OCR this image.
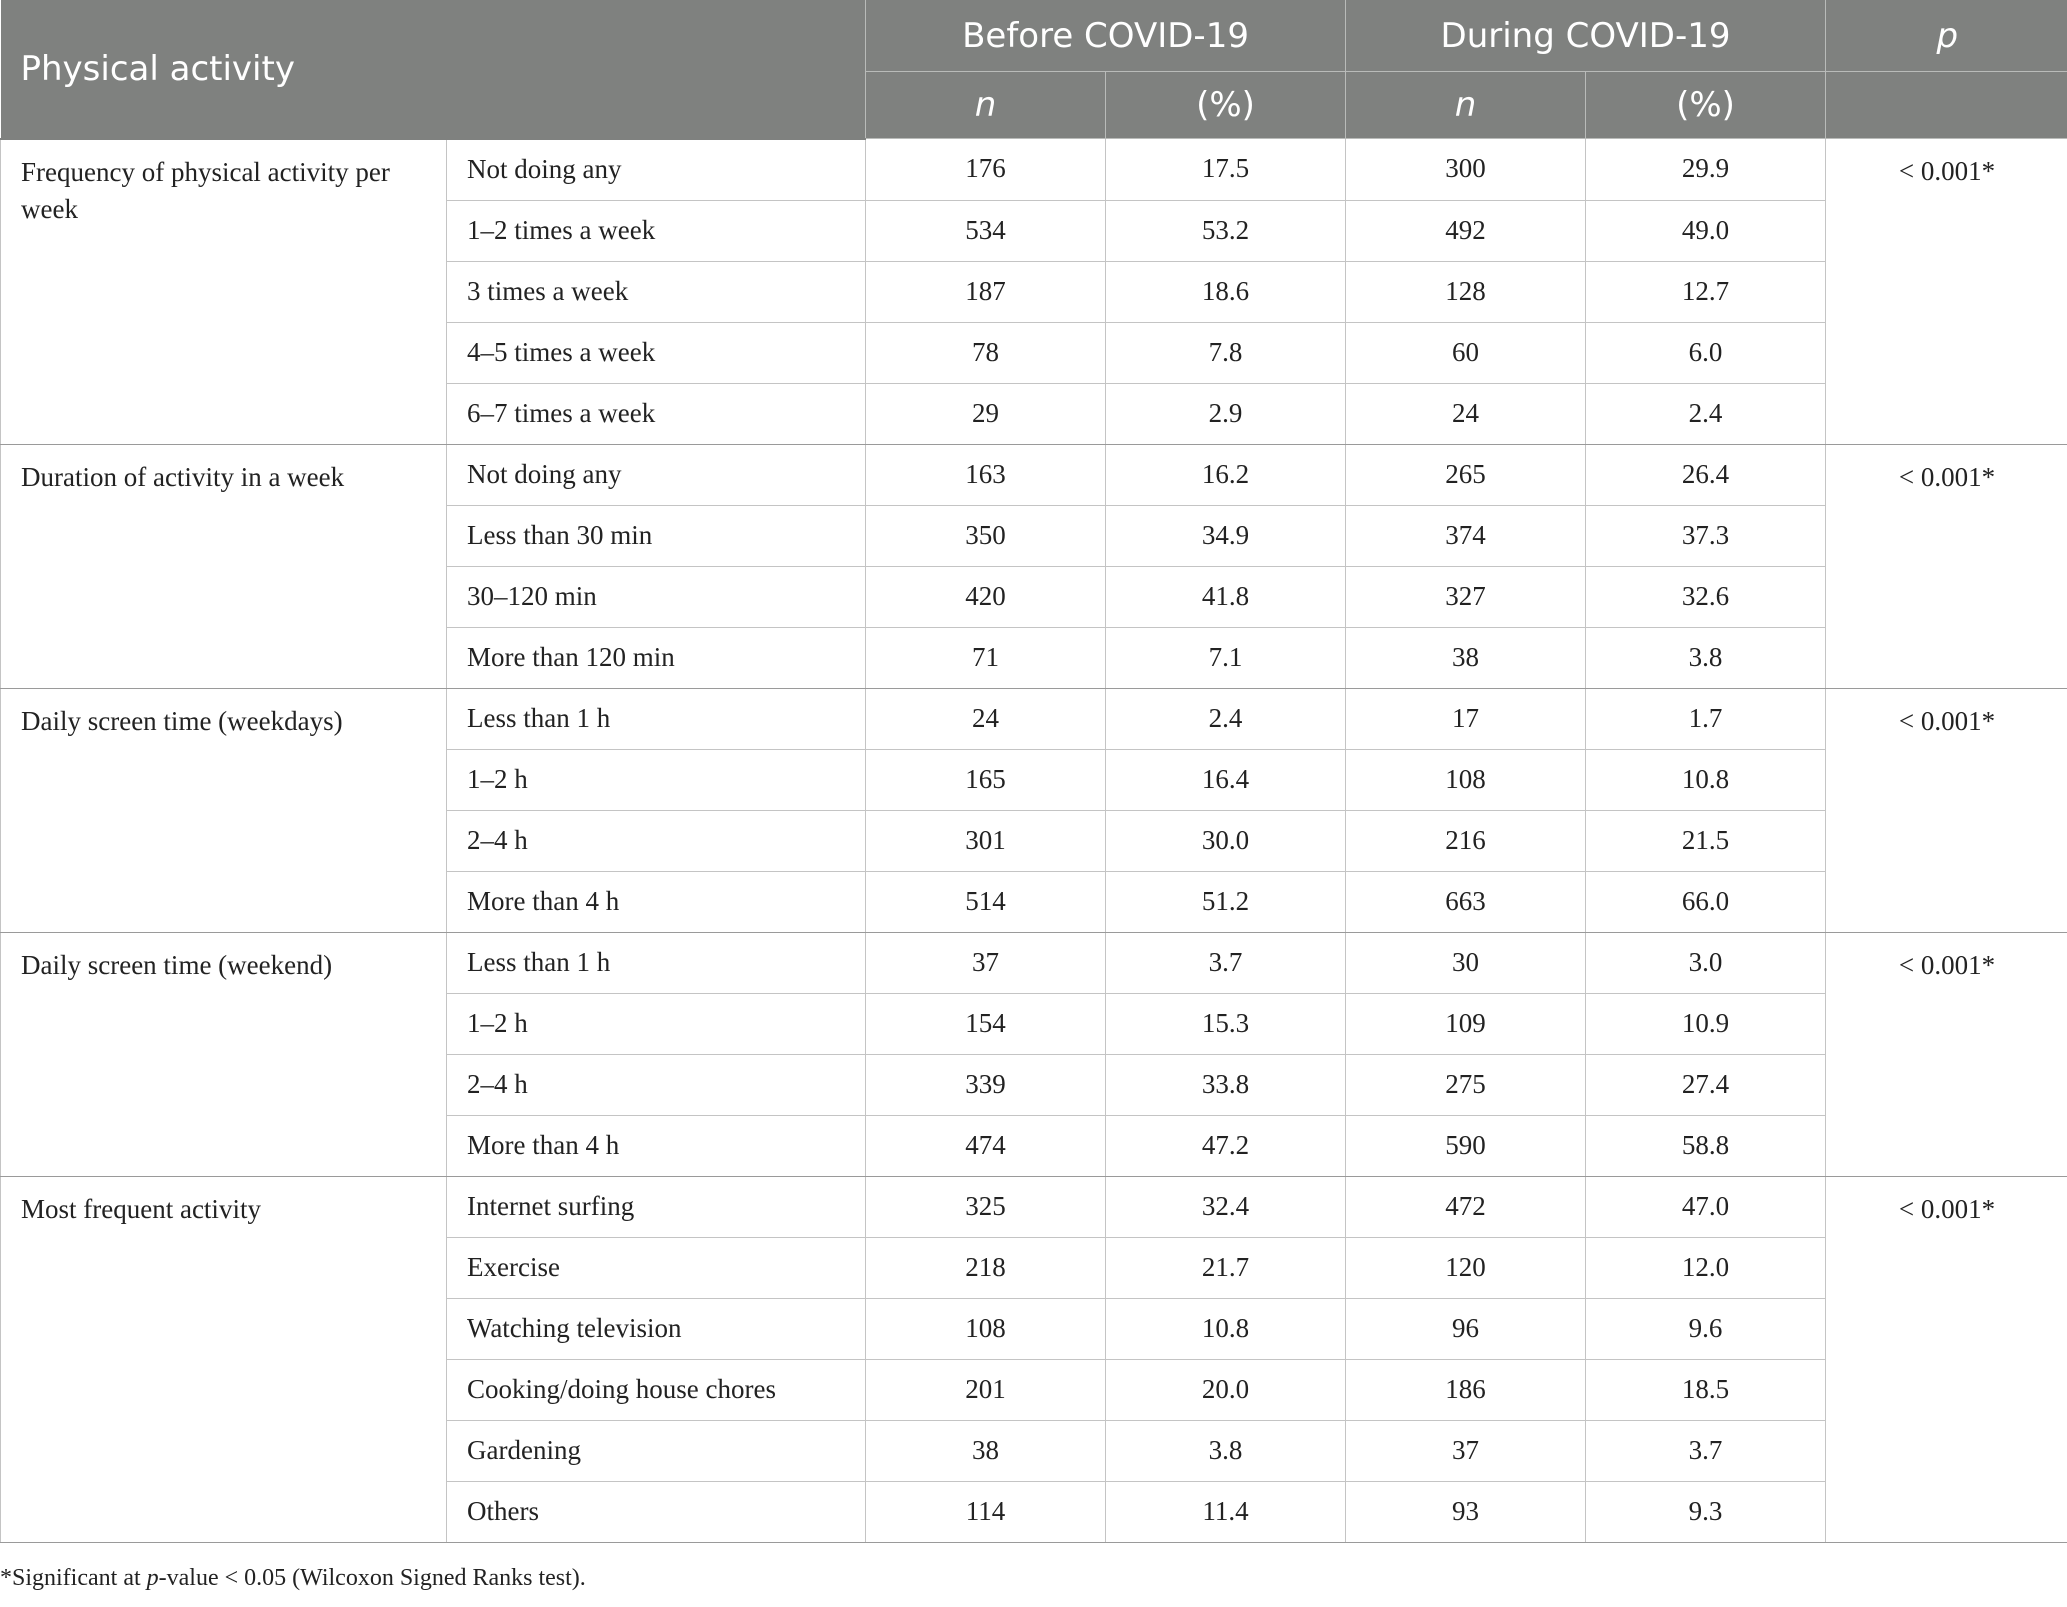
Physical activity		Before COVID-19		During COVID-19		p
		n	(%)	n	(%)	
Frequency of physical activity per week	Not doing any	176	17.5	300	29.9	< 0.001*
	1–2 times a week	534	53.2	492	49.0	
	3 times a week	187	18.6	128	12.7	
	4–5 times a week	78	7.8	60	6.0	
	6–7 times a week	29	2.9	24	2.4	
Duration of activity in a week	Not doing any	163	16.2	265	26.4	< 0.001*
	Less than 30 min	350	34.9	374	37.3	
	30–120 min	420	41.8	327	32.6	
	More than 120 min	71	7.1	38	3.8	
Daily screen time (weekdays)	Less than 1 h	24	2.4	17	1.7	< 0.001*
	1–2 h	165	16.4	108	10.8	
	2–4 h	301	30.0	216	21.5	
	More than 4 h	514	51.2	663	66.0	
Daily screen time (weekend)	Less than 1 h	37	3.7	30	3.0	< 0.001*
	1–2 h	154	15.3	109	10.9	
	2–4 h	339	33.8	275	27.4	
	More than 4 h	474	47.2	590	58.8	
Most frequent activity	Internet surfing	325	32.4	472	47.0	< 0.001*
	Exercise	218	21.7	120	12.0	
	Watching television	108	10.8	96	9.6	
	Cooking/doing house chores	201	20.0	186	18.5	
	Gardening	38	3.8	37	3.7	
	Others	114	11.4	93	9.3	
*Significant at p-value < 0.05 (Wilcoxon Signed Ranks test).
